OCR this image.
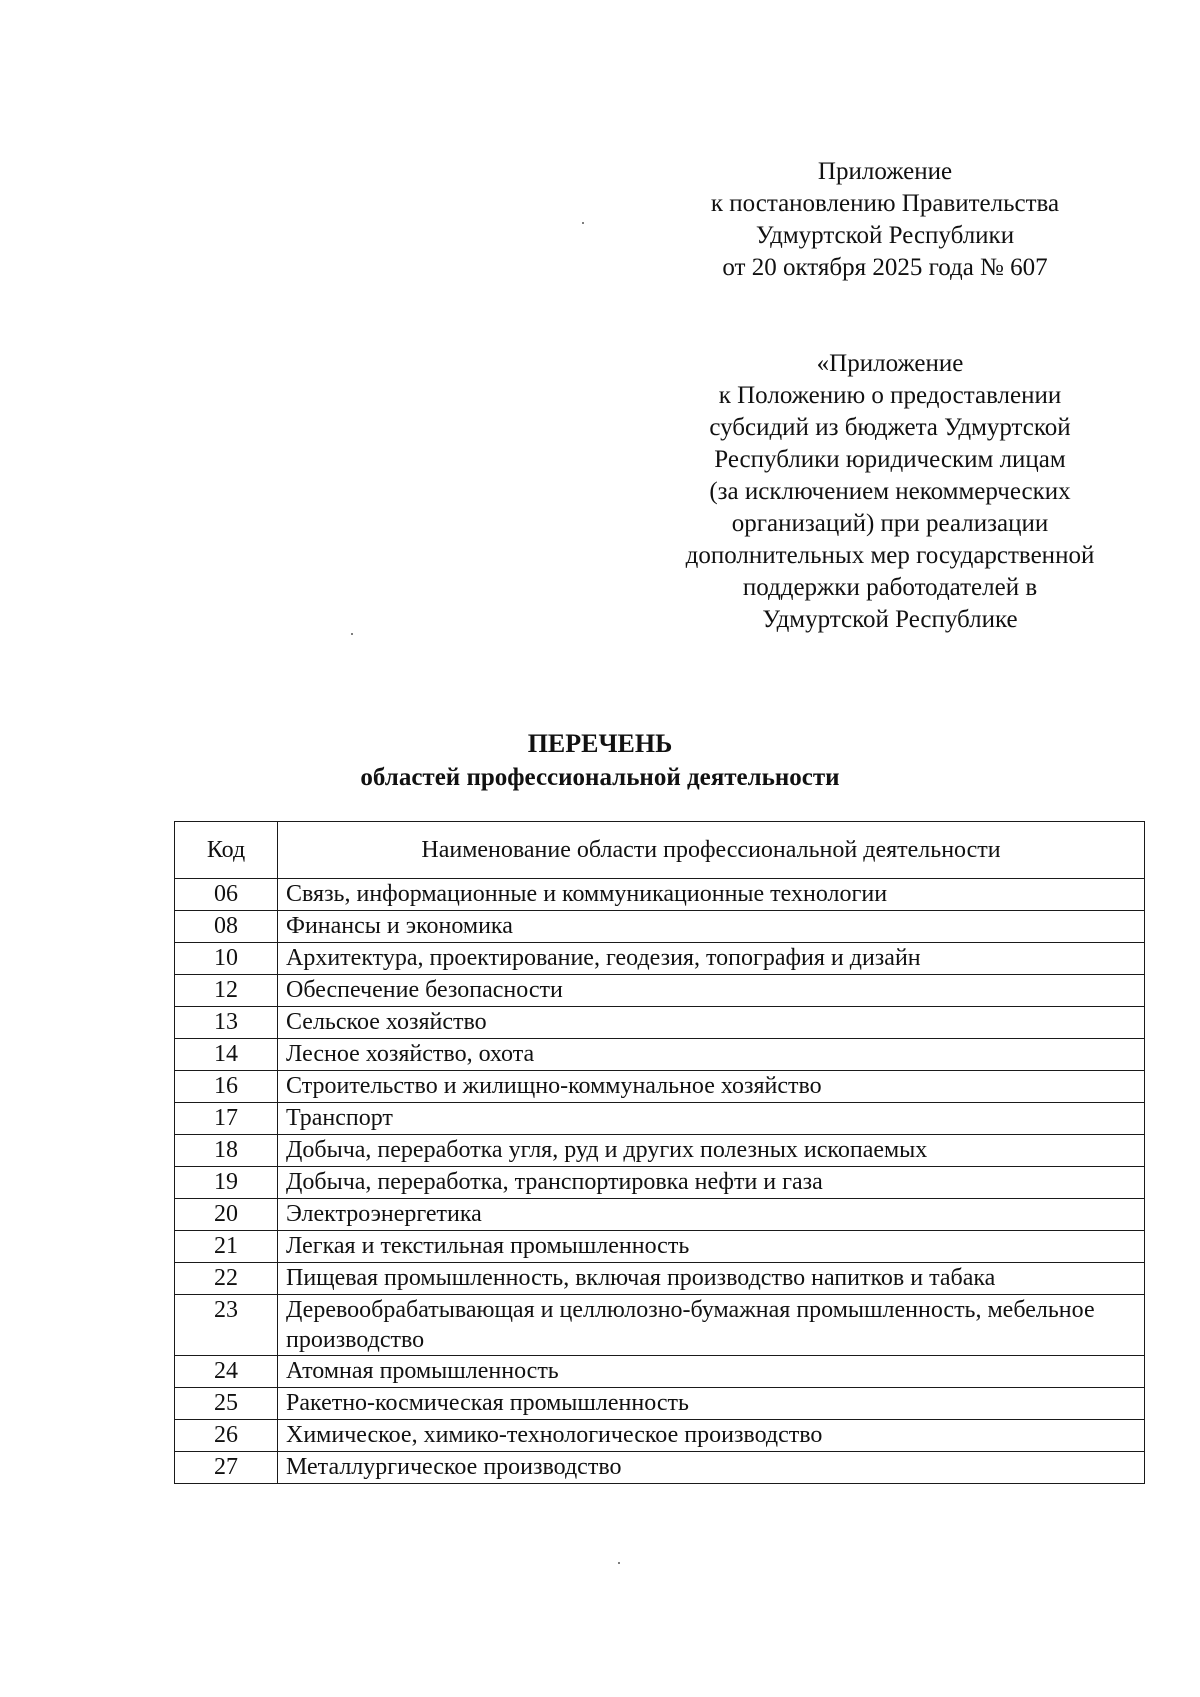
Приложение
к постановлению Правительства
Удмуртской Республики
от 20 октября 2025 года № 607
«Приложение
к Положению о предоставлении
субсидий из бюджета Удмуртской
Республики юридическим лицам
(за исключением некоммерческих
организаций) при реализации
дополнительных мер государственной
поддержки работодателей в
Удмуртской Республике
ПЕРЕЧЕНЬ
областей профессиональной деятельности
Код	Наименование области профессиональной деятельности
06	Связь, информационные и коммуникационные технологии
08	Финансы и экономика
10	Архитектура, проектирование, геодезия, топография и дизайн
12	Обеспечение безопасности
13	Сельское хозяйство
14	Лесное хозяйство, охота
16	Строительство и жилищно-коммунальное хозяйство
17	Транспорт
18	Добыча, переработка угля, руд и других полезных ископаемых
19	Добыча, переработка, транспортировка нефти и газа
20	Электроэнергетика
21	Легкая и текстильная промышленность
22	Пищевая промышленность, включая производство напитков и табака
23	Деревообрабатывающая и целлюлозно-бумажная промышленность, мебельное производство
24	Атомная промышленность
25	Ракетно-космическая промышленность
26	Химическое, химико-технологическое производство
27	Металлургическое производство
